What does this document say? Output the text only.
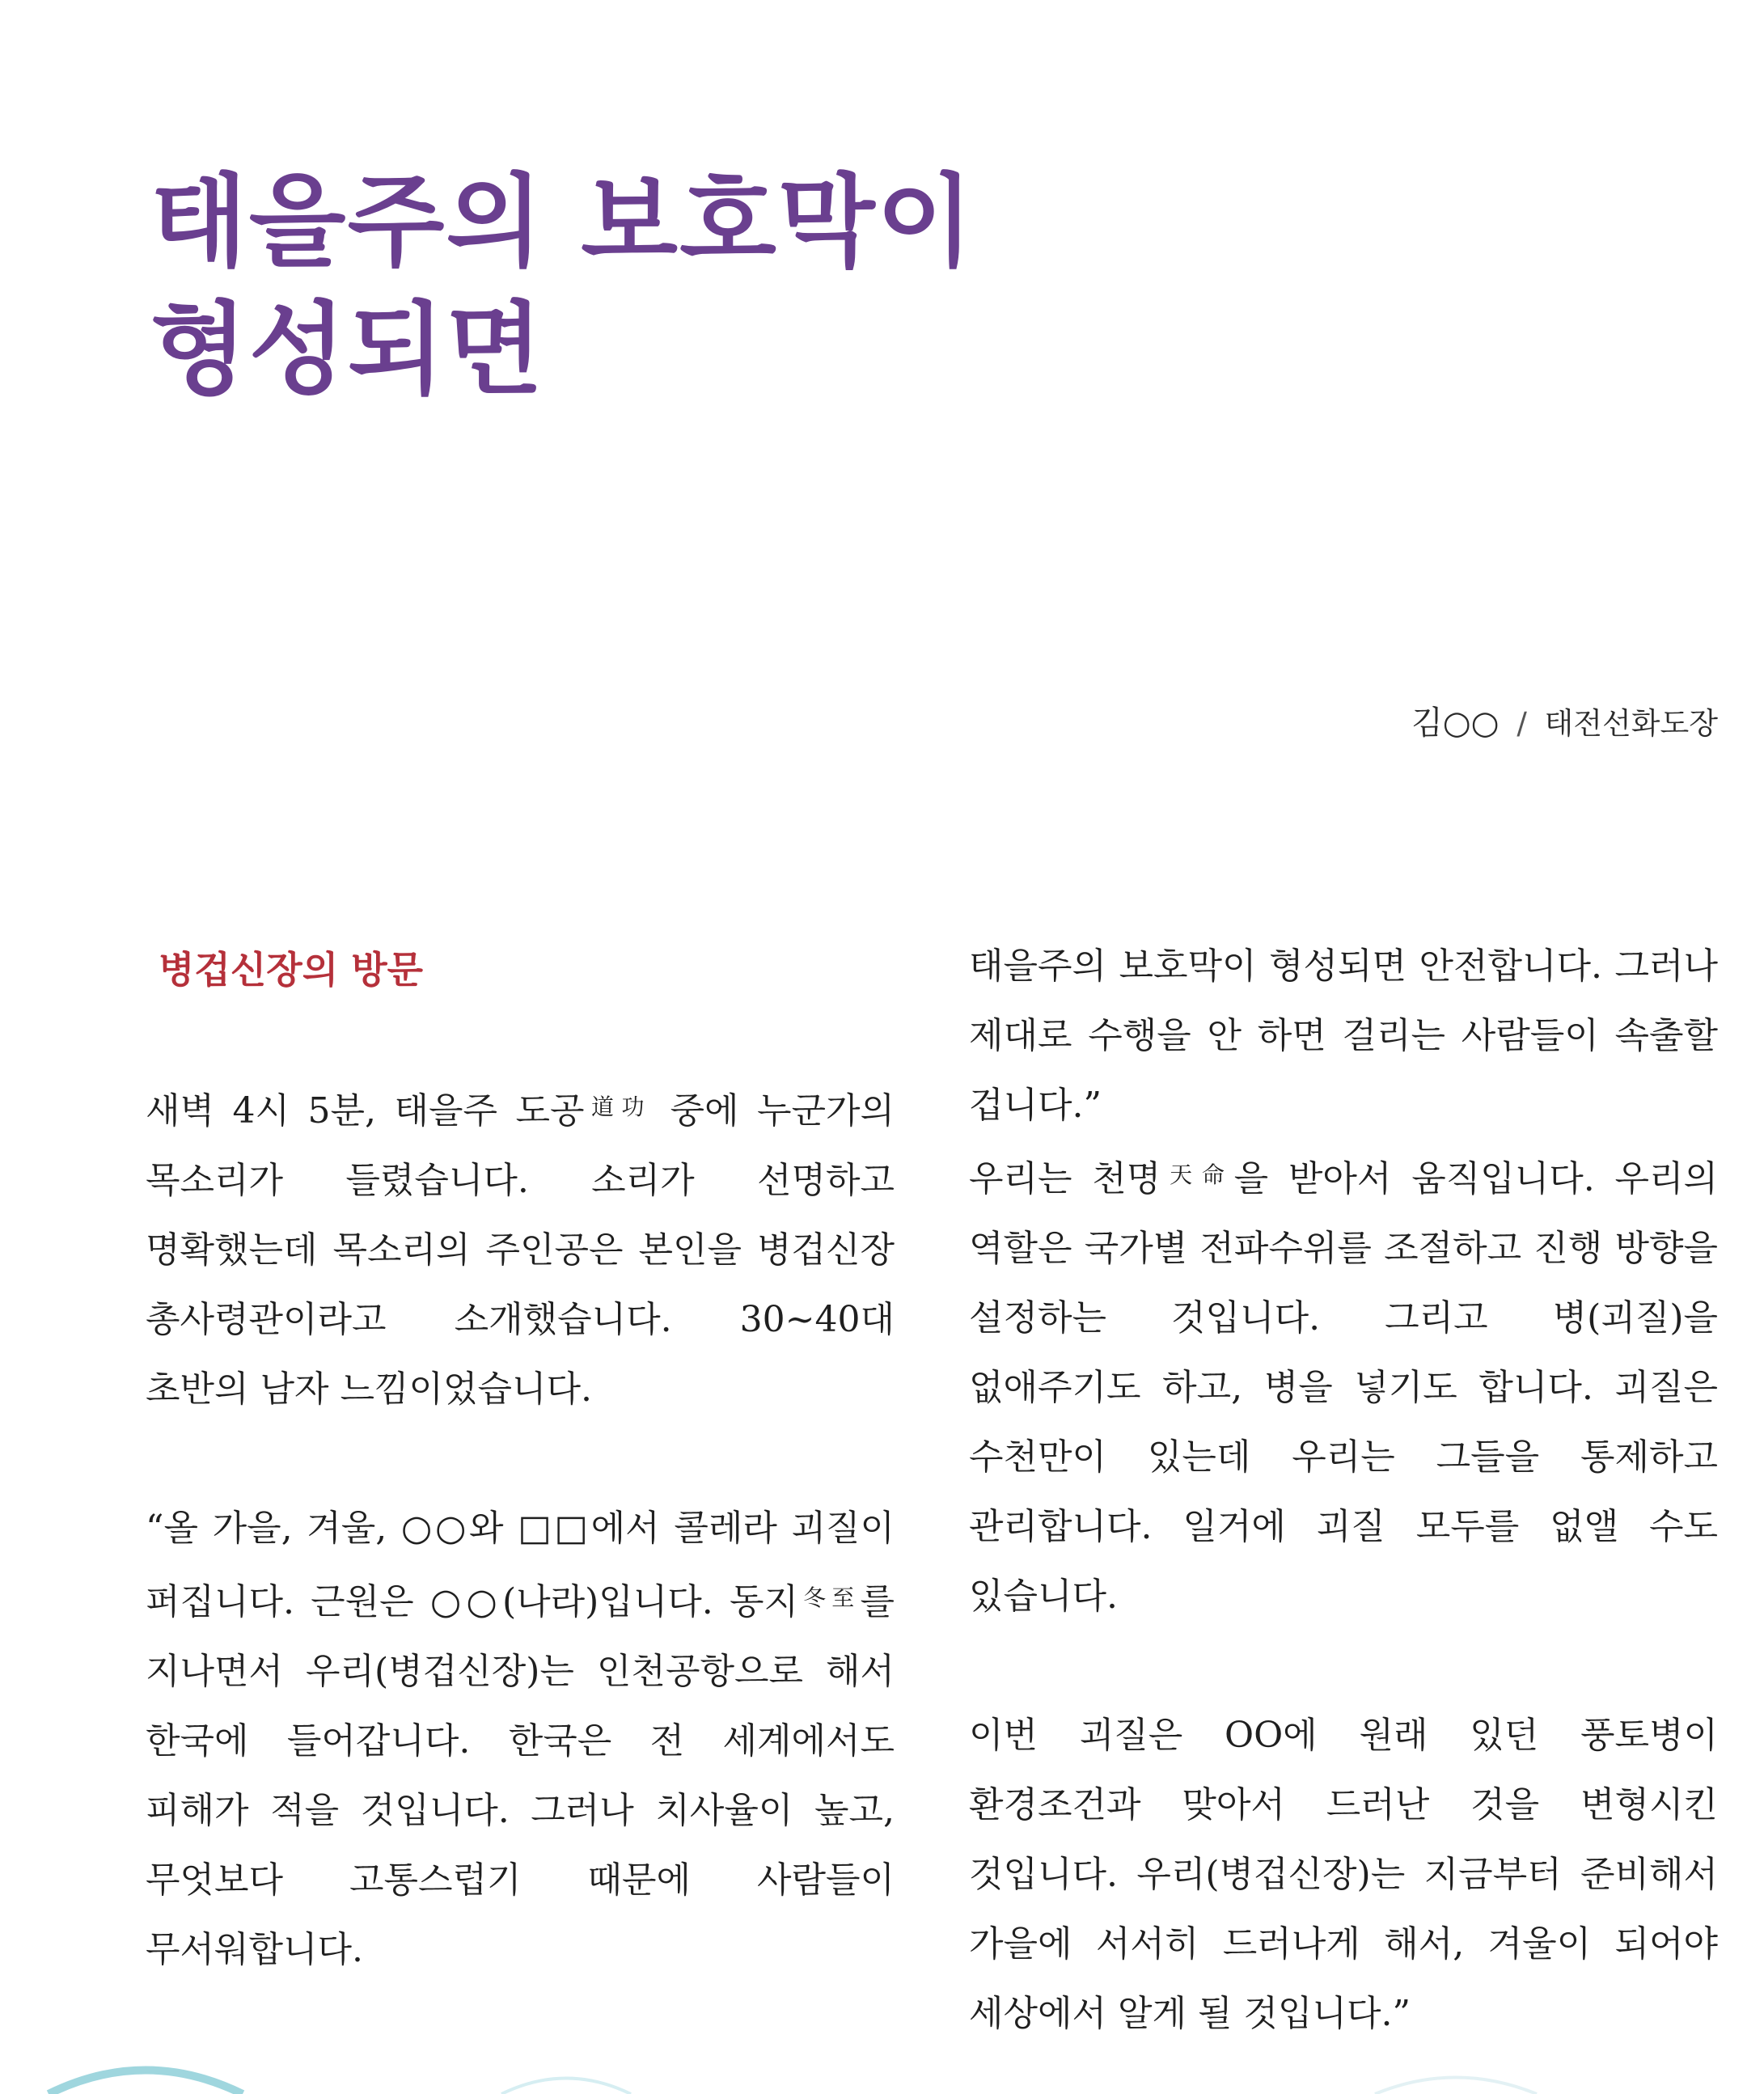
태을주의 보호막이
형성되면
김○○ / 태전선화도장
병겁신장의 방문

새벽 4시 5분, 태을주 도공$^{道功}$ 중에 누군가의 목소리가 들렸습니다. 소리가 선명하고 명확했는데 목소리의 주인공은 본인을 병겁신장 총사령관이라고 소개했습니다. 30~40대 초반의 남자 느낌이었습니다.

“올 가을, 겨울, ○○와 □□에서 콜레라 괴질이 퍼집니다. 근원은 ○○(나라)입니다. 동지$^{冬至}$를 지나면서 우리(병겁신장)는 인천공항으로 해서 한국에 들어갑니다. 한국은 전 세계에서도 피해가 적을 것입니다. 그러나 치사율이 높고, 무엇보다 고통스럽기 때문에 사람들이 무서워합니다.

태을주의 보호막이 형성되면 안전합니다. 그러나 제대로 수행을 안 하면 걸리는 사람들이 속출할 겁니다.”

우리는 천명$^{天命}$을 받아서 움직입니다. 우리의 역할은 국가별 전파수위를 조절하고 진행 방향을 설정하는 것입니다. 그리고 병(괴질)을 없애주기도 하고, 병을 넣기도 합니다. 괴질은 수천만이 있는데 우리는 그들을 통제하고 관리합니다. 일거에 괴질 모두를 없앨 수도 있습니다.

이번 괴질은 OO에 원래 있던 풍토병이 환경조건과 맞아서 드러난 것을 변형시킨 것입니다. 우리(병겁신장)는 지금부터 준비해서 가을에 서서히 드러나게 해서, 겨울이 되어야 세상에서 알게 될 것입니다.”
